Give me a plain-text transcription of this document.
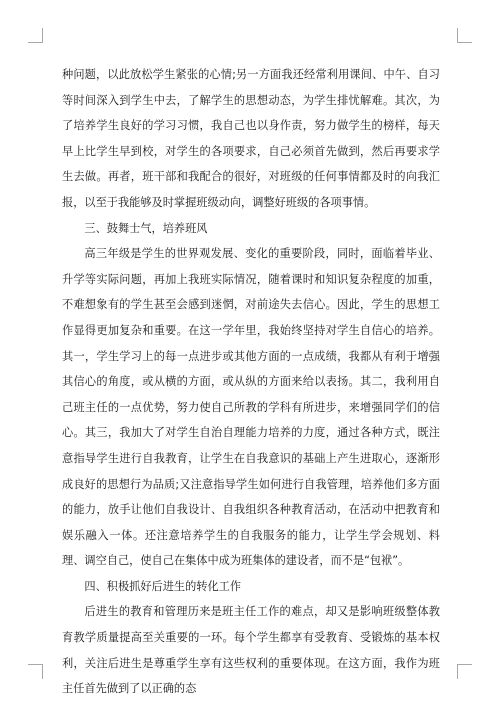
种问题，以此放松学生紧张的心情;另一方面我还经常利用课间、中午、自习等时间深入到学生中去，了解学生的思想动态，为学生排忧解难。其次，为了培养学生良好的学习习惯，我自己也以身作责，努力做学生的榜样，每天早上比学生早到校，对学生的各项要求，自己必须首先做到，然后再要求学生去做。再者，班干部和我配合的很好，对班级的任何事情都及时的向我汇报，以至于我能够及时掌握班级动向，调整好班级的各项事情。

三、鼓舞士气，培养班风

高三年级是学生的世界观发展、变化的重要阶段，同时，面临着毕业、升学等实际问题，再加上我班实际情况，随着课时和知识复杂程度的加重，不难想象有的学生甚至会感到迷惘，对前途失去信心。因此，学生的思想工作显得更加复杂和重要。在这一学年里，我始终坚持对学生自信心的培养。其一，学生学习上的每一点进步或其他方面的一点成绩，我都从有利于增强其信心的角度，或从横的方面，或从纵的方面来给以表扬。其二，我利用自己班主任的一点优势，努力使自己所教的学科有所进步，来增强同学们的信心。其三，我加大了对学生自治自理能力培养的力度，通过各种方式，既注意指导学生进行自我教育，让学生在自我意识的基础上产生进取心，逐渐形成良好的思想行为品质;又注意指导学生如何进行自我管理，培养他们多方面的能力，放手让他们自我设计、自我组织各种教育活动，在活动中把教育和娱乐融入一体。还注意培养学生的自我服务的能力，让学生学会规划、料理、调空自己，使自己在集体中成为班集体的建设者，而不是“包袱”。

四、积极抓好后进生的转化工作

后进生的教育和管理历来是班主任工作的难点，却又是影响班级整体教育教学质量提高至关重要的一环。每个学生都享有受教育、受锻炼的基本权利，关注后进生是尊重学生享有这些权利的重要体现。在这方面，我作为班主任首先做到了以正确的态
